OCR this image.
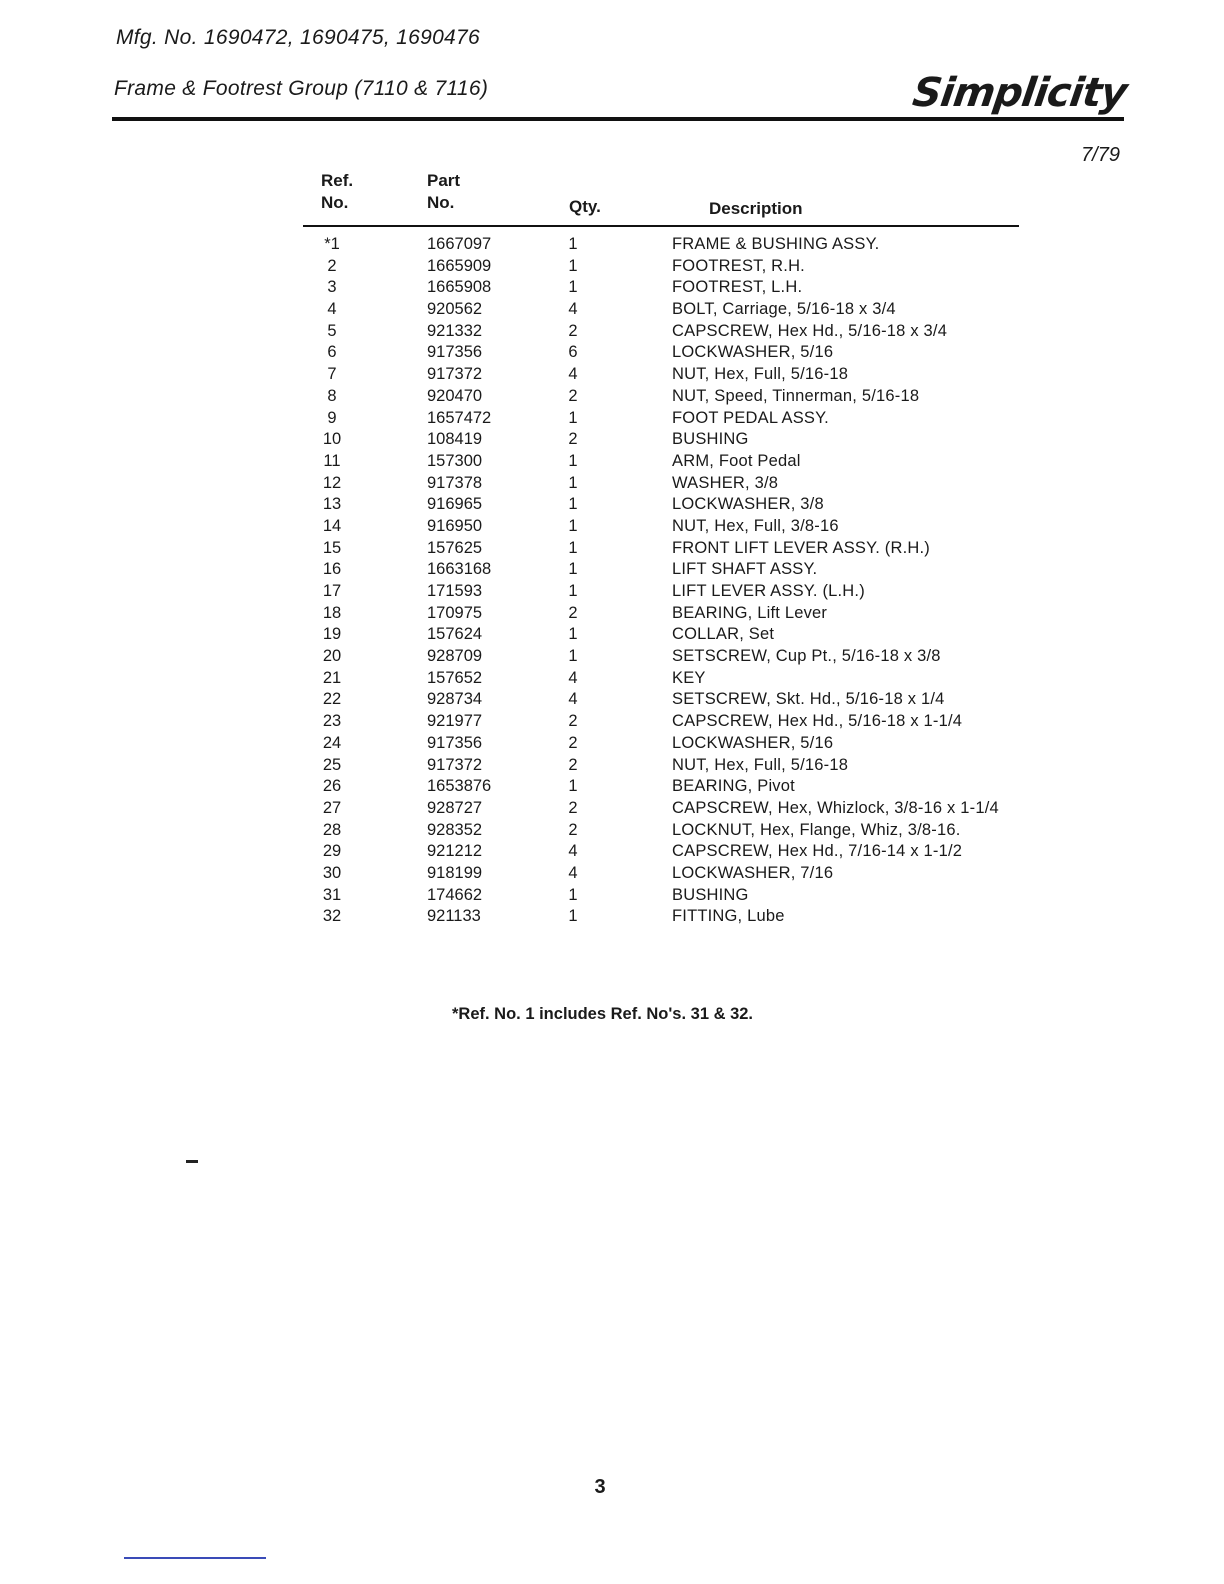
Mfg. No. 1690472, 1690475, 1690476
Frame & Footrest Group (7110 & 7116)	Simplicity
7/79
Ref.
No.
Part
No.	Qty.	Description
*1	1667097	1	FRAME & BUSHING ASSY.
2	1665909	1	FOOTREST, R.H.
3	1665908	1	FOOTREST, L.H.
4	920562	4	BOLT, Carriage, 5/16-18 x 3/4
5	921332	2	CAPSCREW, Hex Hd., 5/16-18 x 3/4
6	917356	6	LOCKWASHER, 5/16
7	917372	4	NUT, Hex, Full, 5/16-18
8	920470	2	NUT, Speed, Tinnerman, 5/16-18
9	1657472	1	FOOT PEDAL ASSY.
10	108419	2	BUSHING
11	157300	1	ARM, Foot Pedal
12	917378	1	WASHER, 3/8
13	916965	1	LOCKWASHER, 3/8
14	916950	1	NUT, Hex, Full, 3/8-16
15	157625	1	FRONT LIFT LEVER ASSY. (R.H.)
16	1663168	1	LIFT SHAFT ASSY.
17	171593	1	LIFT LEVER ASSY. (L.H.)
18	170975	2	BEARING, Lift Lever
19	157624	1	COLLAR, Set
20	928709	1	SETSCREW, Cup Pt., 5/16-18 x 3/8
21	157652	4	KEY
22	928734	4	SETSCREW, Skt. Hd., 5/16-18 x 1/4
23	921977	2	CAPSCREW, Hex Hd., 5/16-18 x 1-1/4
24	917356	2	LOCKWASHER, 5/16
25	917372	2	NUT, Hex, Full, 5/16-18
26	1653876	1	BEARING, Pivot
27	928727	2	CAPSCREW, Hex, Whizlock, 3/8-16 x 1-1/4
28	928352	2	LOCKNUT, Hex, Flange, Whiz, 3/8-16.
29	921212	4	CAPSCREW, Hex Hd., 7/16-14 x 1-1/2
30	918199	4	LOCKWASHER, 7/16
31	174662	1	BUSHING
32	921133	1	FITTING, Lube
*Ref. No. 1 includes Ref. No's. 31 & 32.
3
